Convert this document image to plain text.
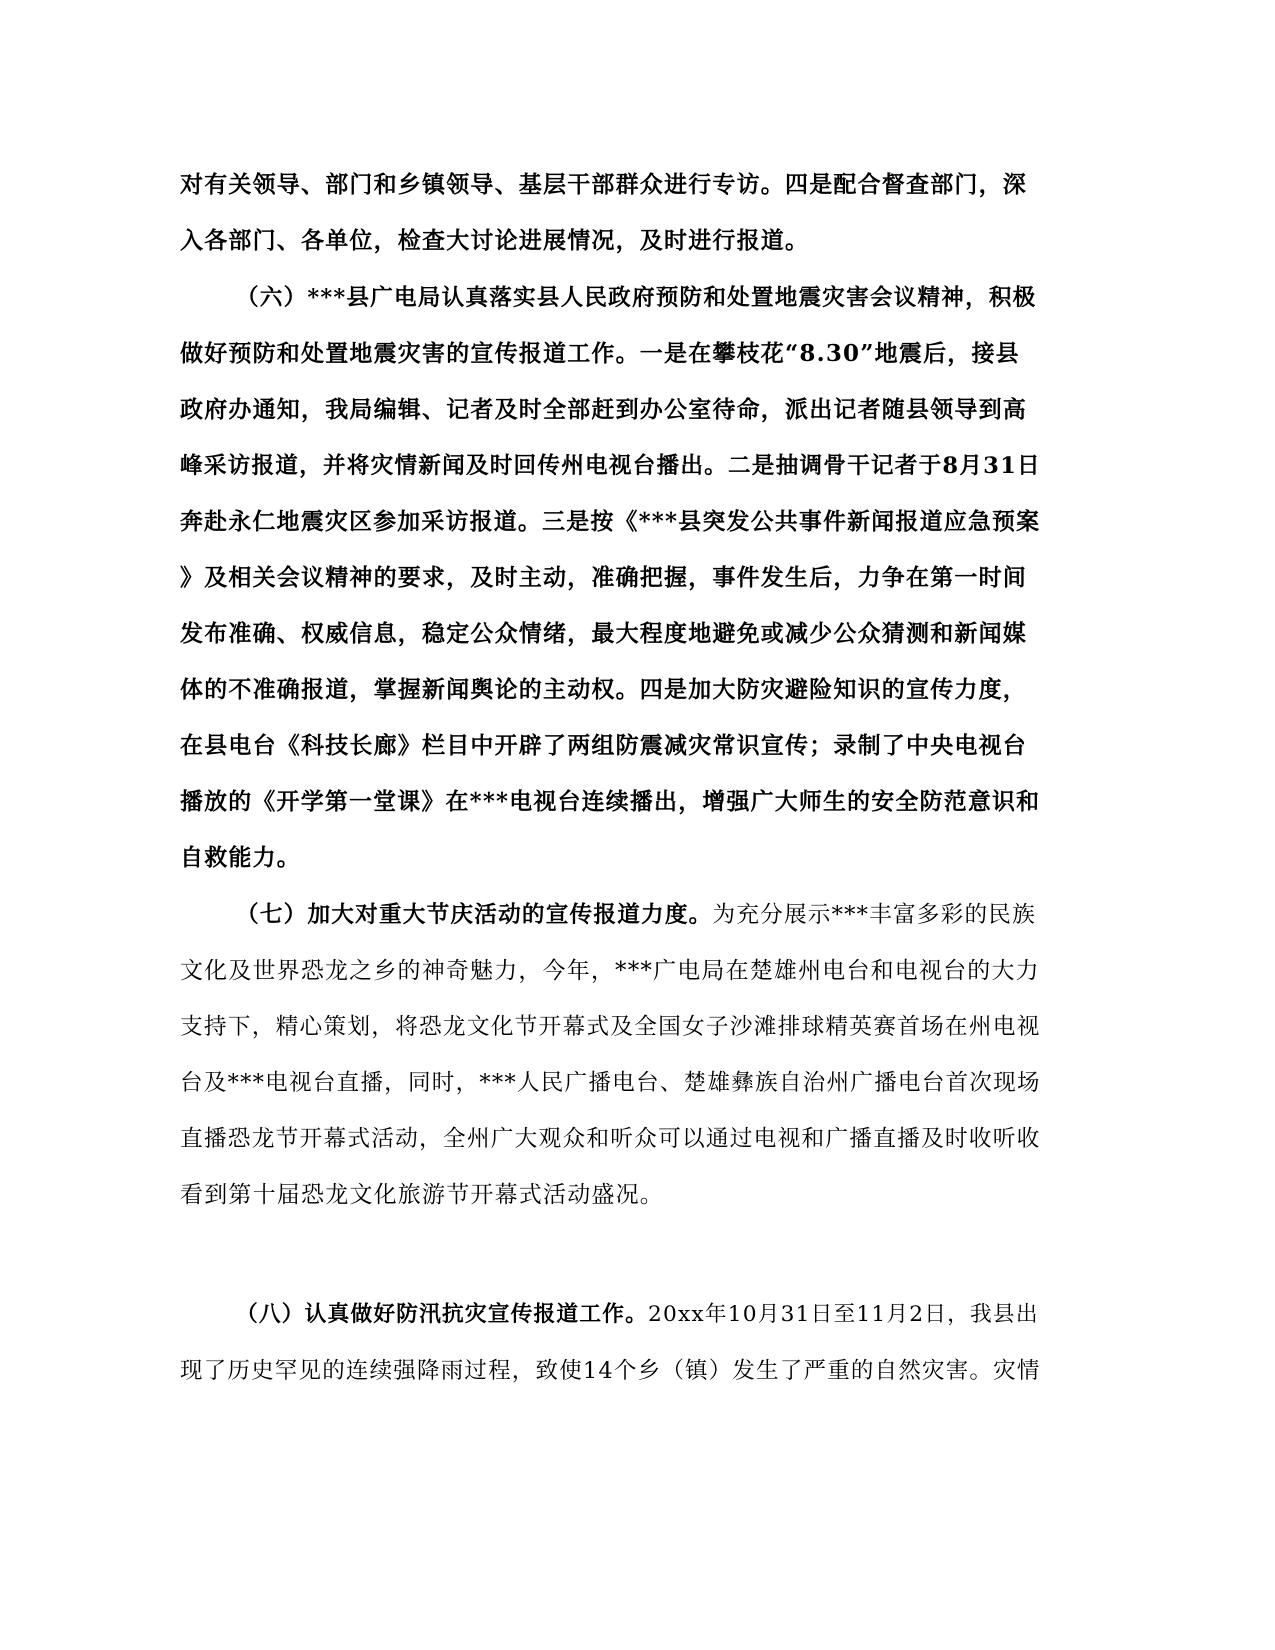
对有关领导、部门和乡镇领导、基层干部群众进行专访。四是配合督查部门，深
入各部门、各单位，检查大讨论进展情况，及时进行报道。
（六）***县广电局认真落实县人民政府预防和处置地震灾害会议精神，积极
做好预防和处置地震灾害的宣传报道工作。一是在攀枝花“8.30”地震后，接县
政府办通知，我局编辑、记者及时全部赶到办公室待命，派出记者随县领导到高
峰采访报道，并将灾情新闻及时回传州电视台播出。二是抽调骨干记者于8月31日
奔赴永仁地震灾区参加采访报道。三是按《***县突发公共事件新闻报道应急预案
》及相关会议精神的要求，及时主动，准确把握，事件发生后，力争在第一时间
发布准确、权威信息，稳定公众情绪，最大程度地避免或减少公众猜测和新闻媒
体的不准确报道，掌握新闻舆论的主动权。四是加大防灾避险知识的宣传力度，
在县电台《科技长廊》栏目中开辟了两组防震减灾常识宣传；录制了中央电视台
播放的《开学第一堂课》在***电视台连续播出，增强广大师生的安全防范意识和
自救能力。
（七）加大对重大节庆活动的宣传报道力度。为充分展示***丰富多彩的民族
文化及世界恐龙之乡的神奇魅力，今年，***广电局在楚雄州电台和电视台的大力
支持下，精心策划，将恐龙文化节开幕式及全国女子沙滩排球精英赛首场在州电视
台及***电视台直播，同时，***人民广播电台、楚雄彝族自治州广播电台首次现场
直播恐龙节开幕式活动，全州广大观众和听众可以通过电视和广播直播及时收听收
看到第十届恐龙文化旅游节开幕式活动盛况。
（八）认真做好防汛抗灾宣传报道工作。20xx年10月31日至11月2日，我县出
现了历史罕见的连续强降雨过程，致使14个乡（镇）发生了严重的自然灾害。灾情
